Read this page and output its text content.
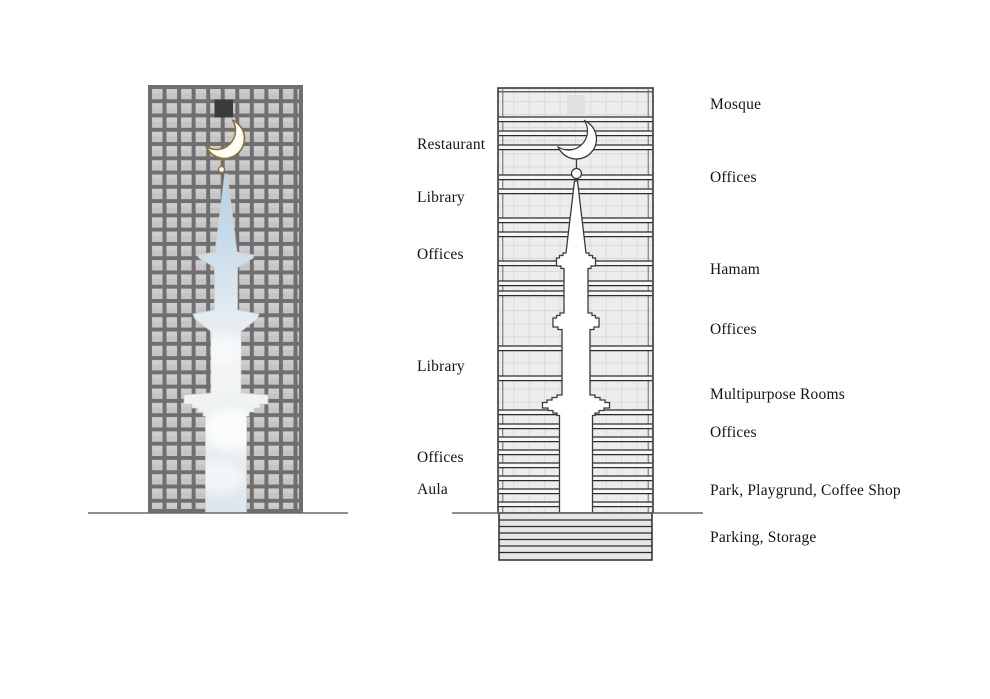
Restaurant
Library
Offices
Library
Offices
Aula
Mosque
Offices
Hamam
Offices
Multipurpose Rooms
Offices
Park, Playgrund, Coffee Shop
Parking, Storage
